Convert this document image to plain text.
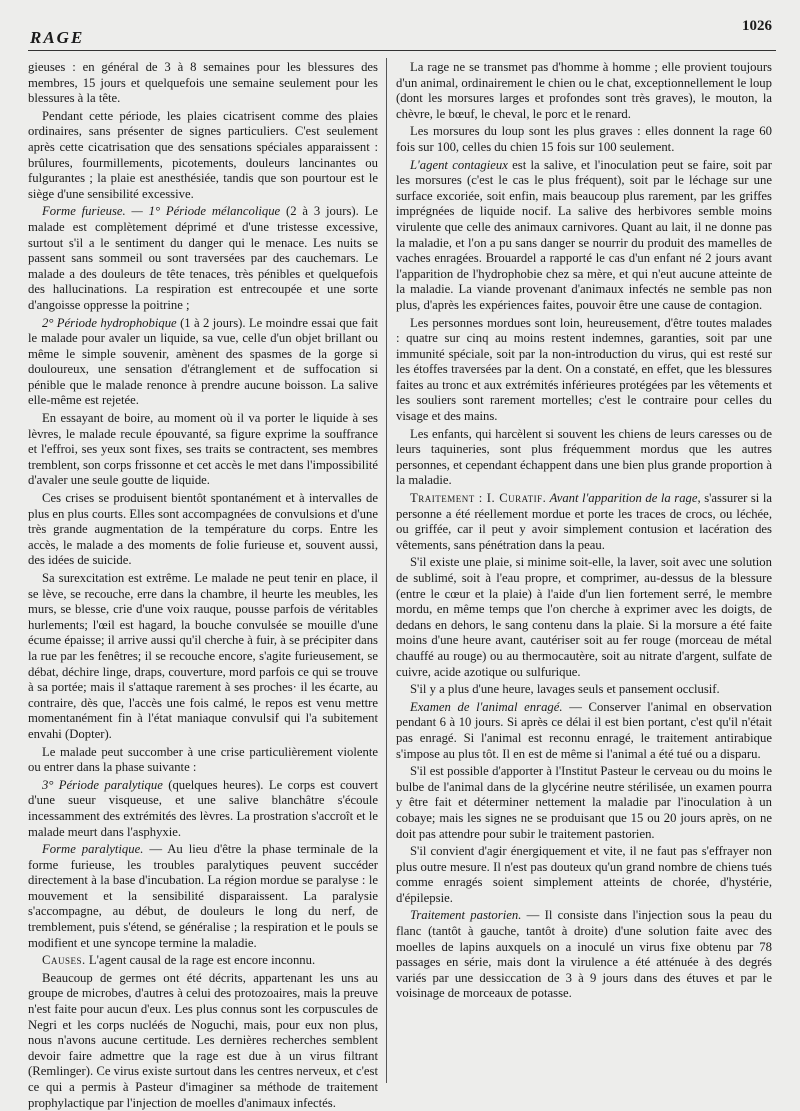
RAGE
1026

gieuses : en général de 3 à 8 semaines pour les blessures des membres, 15 jours et quelquefois une semaine seulement pour les blessures à la tête.

Pendant cette période, les plaies cicatrisent comme des plaies ordinaires, sans présenter de signes particuliers. C'est seulement après cette cicatrisation que des sensations spéciales apparaissent : brûlures, fourmillements, picotements, douleurs lancinantes ou fulgurantes ; la plaie est anesthésiée, tandis que son pourtour est le siège d'une sensibilité excessive.

Forme furieuse. — 1° Période mélancolique (2 à 3 jours). Le malade est complètement déprimé et d'une tristesse excessive, surtout s'il a le sentiment du danger qui le menace. Les nuits se passent sans sommeil ou sont traversées par des cauchemars. Le malade a des douleurs de tête tenaces, très pénibles et quelquefois des hallucinations. La respiration est entrecoupée et une sorte d'angoisse oppresse la poitrine ;

2° Période hydrophobique (1 à 2 jours). Le moindre essai que fait le malade pour avaler un liquide, sa vue, celle d'un objet brillant ou même le simple souvenir, amènent des spasmes de la gorge si douloureux, une sensation d'étranglement et de suffocation si pénible que le malade renonce à prendre aucune boisson. La salive elle-même est rejetée.

En essayant de boire, au moment où il va porter le liquide à ses lèvres, le malade recule épouvanté, sa figure exprime la souffrance et l'effroi, ses yeux sont fixes, ses traits se contractent, ses membres tremblent, son corps frissonne et cet accès le met dans l'impossibilité d'avaler une seule goutte de liquide.

Ces crises se produisent bientôt spontanément et à intervalles de plus en plus courts. Elles sont accompagnées de convulsions et d'une très grande augmentation de la température du corps. Entre les accès, le malade a des moments de folie furieuse et, souvent aussi, des idées de suicide.

Sa surexcitation est extrême. Le malade ne peut tenir en place, il se lève, se recouche, erre dans la chambre, il heurte les meubles, les murs, se blesse, crie d'une voix rauque, pousse parfois de véritables hurlements; l'œil est hagard, la bouche convulsée se mouille d'une écume épaisse; il arrive aussi qu'il cherche à fuir, à se précipiter dans la rue par les fenêtres; il se recouche encore, s'agite furieusement, se débat, déchire linge, draps, couverture, mord parfois ce qui se trouve à sa portée; mais il s'attaque rarement à ses proches· il les écarte, au contraire, dès que, l'accès une fois calmé, le repos est venu mettre momentanément fin à l'état maniaque convulsif qui l'a subitement envahi (Dopter).

Le malade peut succomber à une crise particulièrement violente ou entrer dans la phase suivante :

3° Période paralytique (quelques heures). Le corps est couvert d'une sueur visqueuse, et une salive blanchâtre s'écoule incessamment des extrémités des lèvres. La prostration s'accroît et le malade meurt dans l'asphyxie.

Forme paralytique. — Au lieu d'être la phase terminale de la forme furieuse, les troubles paralytiques peuvent succéder directement à la base d'incubation. La région mordue se paralyse : le mouvement et la sensibilité disparaissent. La paralysie s'accompagne, au début, de douleurs le long du nerf, de tremblement, puis s'étend, se généralise ; la respiration et le pouls se modifient et une syncope termine la maladie.

Causes. L'agent causal de la rage est encore inconnu.

Beaucoup de germes ont été décrits, appartenant les uns au groupe de microbes, d'autres à celui des protozoaires, mais la preuve n'est faite pour aucun d'eux. Les plus connus sont les corpuscules de Negri et les corps nucléés de Noguchi, mais, pour eux non plus, nous n'avons aucune certitude. Les dernières recherches semblent devoir faire admettre que la rage est due à un virus filtrant (Remlinger). Ce virus existe surtout dans les centres nerveux, et c'est ce qui a permis à Pasteur d'imaginer sa méthode de traitement prophylactique par l'injection de moelles d'animaux infectés.

La rage ne se transmet pas d'homme à homme ; elle provient toujours d'un animal, ordinairement le chien ou le chat, exceptionnellement le loup (dont les morsures larges et profondes sont très graves), le mouton, la chèvre, le bœuf, le cheval, le porc et le renard.

Les morsures du loup sont les plus graves : elles donnent la rage 60 fois sur 100, celles du chien 15 fois sur 100 seulement.

L'agent contagieux est la salive, et l'inoculation peut se faire, soit par les morsures (c'est le cas le plus fréquent), soit par le léchage sur une surface excoriée, soit enfin, mais beaucoup plus rarement, par les griffes imprégnées de liquide nocif. La salive des herbivores semble moins virulente que celle des animaux carnivores. Quant au lait, il ne donne pas la maladie, et l'on a pu sans danger se nourrir du produit des mamelles de vaches enragées. Brouardel a rapporté le cas d'un enfant né 2 jours avant l'apparition de l'hydrophobie chez sa mère, et qui n'eut aucune atteinte de la maladie. La viande provenant d'animaux infectés ne semble pas non plus, d'après les expériences faites, pouvoir être une cause de contagion.

Les personnes mordues sont loin, heureusement, d'être toutes malades : quatre sur cinq au moins restent indemnes, garanties, soit par une immunité spéciale, soit par la non-introduction du virus, qui est resté sur les étoffes traversées par la dent. On a constaté, en effet, que les blessures faites au tronc et aux extrémités inférieures protégées par les vêtements et les souliers sont rarement mortelles; c'est le contraire pour celles du visage et des mains.

Les enfants, qui harcèlent si souvent les chiens de leurs caresses ou de leurs taquineries, sont plus fréquemment mordus que les autres personnes, et cependant échappent dans une bien plus grande proportion à la maladie.

Traitement : I. Curatif. Avant l'apparition de la rage, s'assurer si la personne a été réellement mordue et porte les traces de crocs, ou léchée, ou griffée, car il peut y avoir simplement contusion et lacération des vêtements, sans pénétration dans la peau.

S'il existe une plaie, si minime soit-elle, la laver, soit avec une solution de sublimé, soit à l'eau propre, et comprimer, au-dessus de la blessure (entre le cœur et la plaie) à l'aide d'un lien fortement serré, le membre mordu, en même temps que l'on cherche à exprimer avec les doigts, de dedans en dehors, le sang contenu dans la plaie. Si la morsure a été faite moins d'une heure avant, cautériser soit au fer rouge (morceau de métal chauffé au rouge) ou au thermocautère, soit au nitrate d'argent, sulfate de cuivre, acide azotique ou sulfurique.

S'il y a plus d'une heure, lavages seuls et pansement occlusif.

Examen de l'animal enragé. — Conserver l'animal en observation pendant 6 à 10 jours. Si après ce délai il est bien portant, c'est qu'il n'était pas enragé. Si l'animal est reconnu enragé, le traitement antirabique s'impose au plus tôt. Il en est de même si l'animal a été tué ou a disparu.

S'il est possible d'apporter à l'Institut Pasteur le cerveau ou du moins le bulbe de l'animal dans de la glycérine neutre stérilisée, un examen pourra y être fait et déterminer nettement la maladie par l'inoculation à un cobaye; mais les signes ne se produisant que 15 ou 20 jours après, on ne doit pas attendre pour subir le traitement pastorien.

S'il convient d'agir énergiquement et vite, il ne faut pas s'effrayer non plus outre mesure. Il n'est pas douteux qu'un grand nombre de chiens tués comme enragés soient simplement atteints de chorée, d'hystérie, d'épilepsie.

Traitement pastorien. — Il consiste dans l'injection sous la peau du flanc (tantôt à gauche, tantôt à droite) d'une solution faite avec des moelles de lapins auxquels on a inoculé un virus fixe obtenu par 78 passages en série, mais dont la virulence a été atténuée à des degrés variés par une dessiccation de 3 à 9 jours dans des étuves et par le voisinage de morceaux de potasse.
